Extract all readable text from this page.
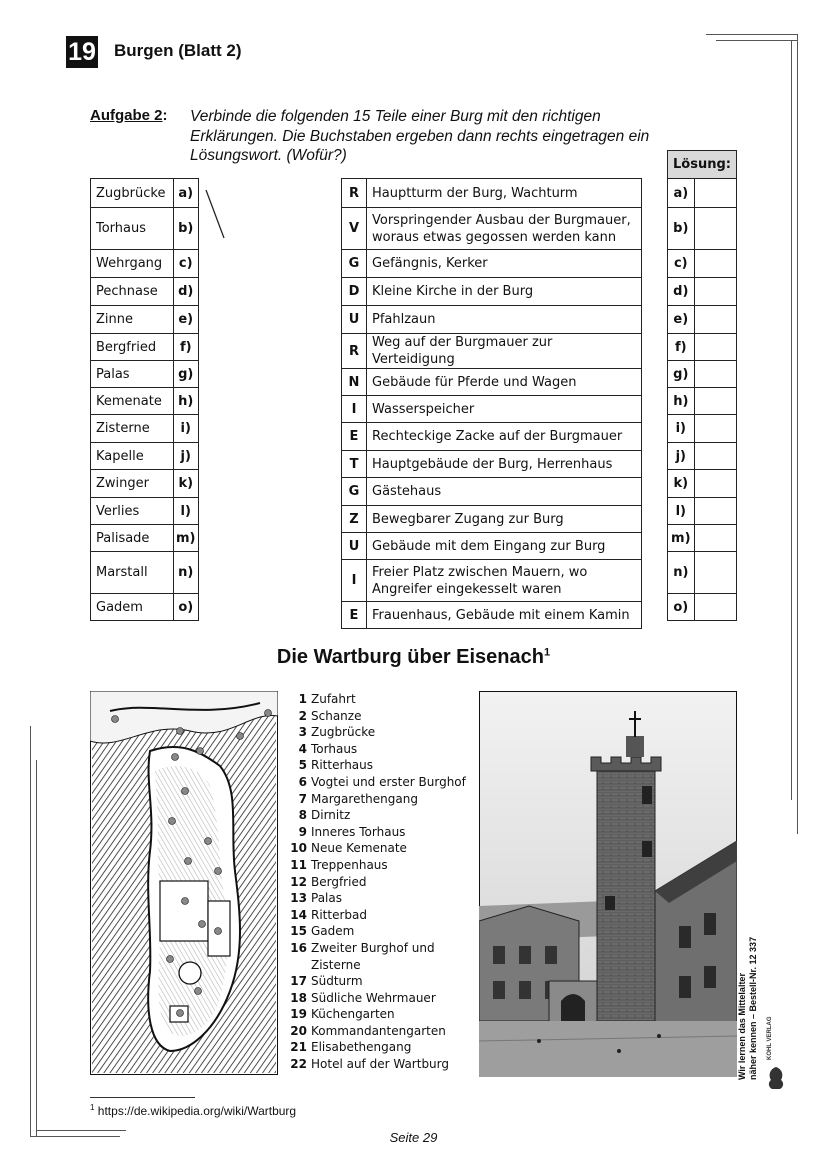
19 Burgen (Blatt 2)
Aufgabe 2: Verbinde die folgenden 15 Teile einer Burg mit den richtigen Erklärungen. Die Buchstaben ergeben dann rechts eingetragen ein Lösungswort. (Wofür?)
Zugbrücke	a)
Torhaus	b)
Wehrgang	c)
Pechnase	d)
Zinne	e)
Bergfried	f)
Palas	g)
Kemenate	h)
Zisterne	i)
Kapelle	j)
Zwinger	k)
Verlies	l)
Palisade	m)
Marstall	n)
Gadem	o)
R	Hauptturm der Burg, Wachturm
V	Vorspringender Ausbau der Burgmauer, woraus etwas gegossen werden kann
G	Gefängnis, Kerker
D	Kleine Kirche in der Burg
U	Pfahlzaun
R	Weg auf der Burgmauer zur Verteidigung
N	Gebäude für Pferde und Wagen
I	Wasserspeicher
E	Rechteckige Zacke auf der Burgmauer
T	Hauptgebäude der Burg, Herrenhaus
G	Gästehaus
Z	Bewegbarer Zugang zur Burg
U	Gebäude mit dem Eingang zur Burg
I	Freier Platz zwischen Mauern, wo Angreifer eingekesselt waren
E	Frauenhaus, Gebäude mit einem Kamin
Lösung:	
a)	
b)	
c)	
d)	
e)	
f)	
g)	
h)	
i)	
j)	
k)	
l)	
m)	
n)	
o)	
Die Wartburg über Eisenach$^1$
1 Zufahrt
2 Schanze
3 Zugbrücke
4 Torhaus
5 Ritterhaus
6 Vogtei und erster Burghof
7 Margarethengang
8 Dirnitz
9 Inneres Torhaus
10 Neue Kemenate
11 Treppenhaus
12 Bergfried
13 Palas
14 Ritterbad
15 Gadem
16 Zweiter Burghof und
Zisterne
17 Südturm
18 Südliche Wehrmauer
19 Küchengarten
20 Kommandantengarten
21 Elisabethengang
22 Hotel auf der Wartburg	Wir lernen das Mittelalter näher kennen – Bestell-Nr. 12 337 KOHL VERLAG
$^1$ https://de.wikipedia.org/wiki/Wartburg
Seite 29
